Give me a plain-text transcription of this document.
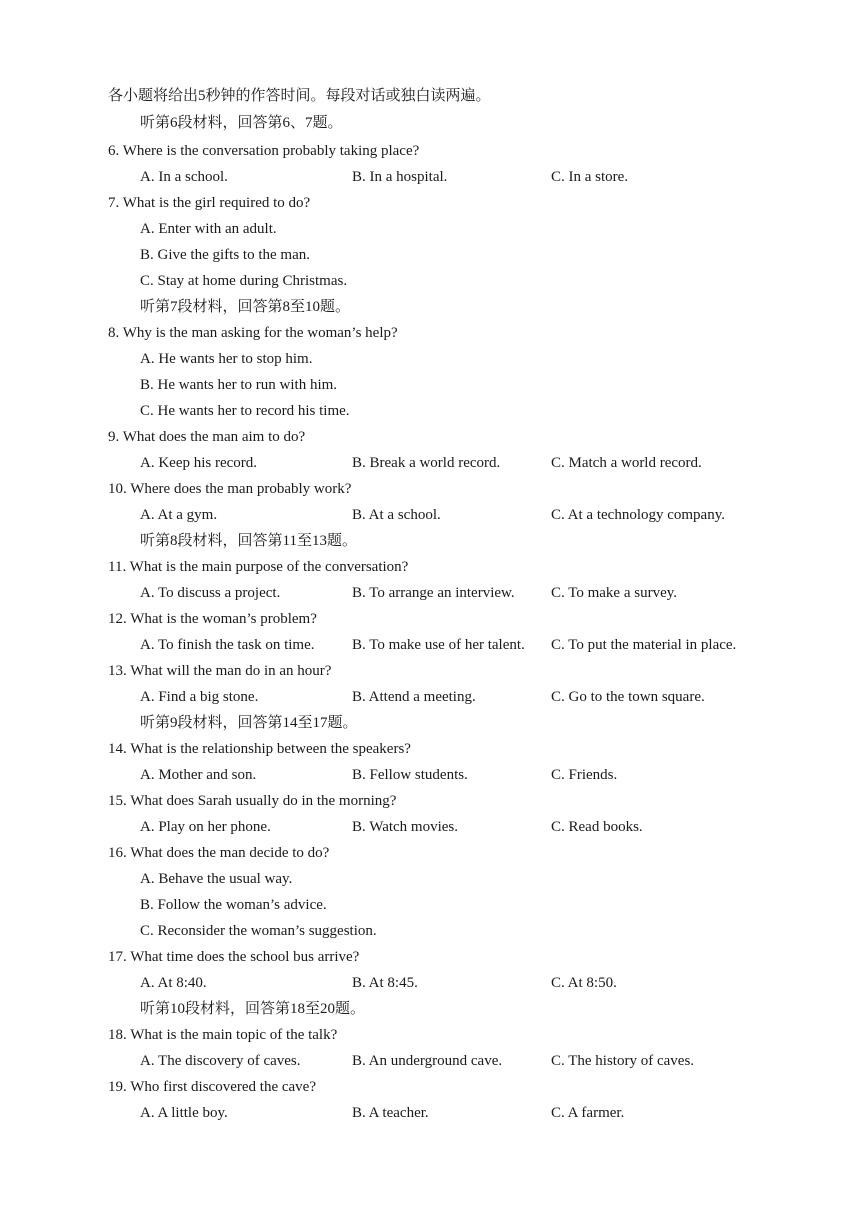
各小题将给出5秒钟的作答时间。每段对话或独白读两遍。
听第6段材料，回答第6、7题。
6. Where is the conversation probably taking place?
A. In a school.	B. In a hospital.	C. In a store.
7. What is the girl required to do?
A. Enter with an adult.
B. Give the gifts to the man.
C. Stay at home during Christmas.
听第7段材料，回答第8至10题。
8. Why is the man asking for the woman’s help?
A. He wants her to stop him.
B. He wants her to run with him.
C. He wants her to record his time.
9. What does the man aim to do?
A. Keep his record.	B. Break a world record.	C. Match a world record.
10. Where does the man probably work?
A. At a gym.	B. At a school.	C. At a technology company.
听第8段材料，回答第11至13题。
11. What is the main purpose of the conversation?
A. To discuss a project.	B. To arrange an interview. C. To make a survey.
12. What is the woman’s problem?
A. To finish the task on time.	B. To make use of her talent. C. To put the material in place.
13. What will the man do in an hour?
A. Find a big stone.	B. Attend a meeting.	C. Go to the town square.
听第9段材料，回答第14至17题。
14. What is the relationship between the speakers?
A. Mother and son.	B. Fellow students.	C. Friends.
15. What does Sarah usually do in the morning?
A. Play on her phone.	B. Watch movies.	C. Read books.
16. What does the man decide to do?
A. Behave the usual way.
B. Follow the woman’s advice.
C. Reconsider the woman’s suggestion.
17. What time does the school bus arrive?
A. At 8:40.	B. At 8:45.	C. At 8:50.
听第10段材料，回答第18至20题。
18. What is the main topic of the talk?
A. The discovery of caves.	B. An underground cave.	C. The history of caves.
19. Who first discovered the cave?
A. A little boy.	B. A teacher.	C. A farmer.
